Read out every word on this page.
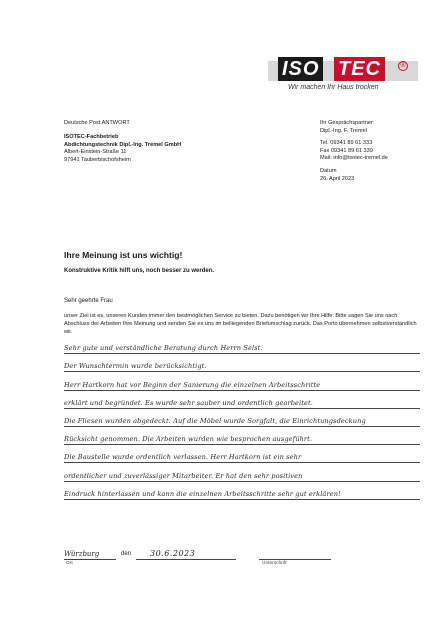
ISO TEC	®
Wir machen Ihr Haus trocken
Deutsche Post ANTWORT
ISOTEC-Fachbetrieb
Abdichtungstechnik Dipl.-Ing. Tremel GmbH
Albert-Einstein-Straße 11
97941 Tauberbischofsheim
Ihr Gesprächspartner:
Dipl.-Ing. F. Tremel
Tel. 09341 89 61 333
Fax 09341 89 61 339
Mail: info@isotec-tremel.de
Datum
26. April 2023
Ihre Meinung ist uns wichtig!
Konstruktive Kritik hilft uns, noch besser zu werden.
Sehr geehrte Frau
unser Ziel ist es, unseren Kunden immer den bestmöglichen Service zu bieten. Dazu benötigen wir Ihre Hilfe: Bitte sagen Sie uns nach Abschluss der Arbeiten Ihre Meinung und senden Sie es uns im beiliegenden Briefumschlag zurück. Das Porto übernehmen selbstverständlich wir.
Sehr gute und verständliche Beratung durch Herrn Selst.
Der Wunschtermin wurde berücksichtigt.
Herr Hartkorn hat vor Beginn der Sanierung die einzelnen Arbeitsschritte
erklärt und begründet. Es wurde sehr sauber und ordentlich gearbeitet.
Die Fliesen wurden abgedeckt. Auf die Möbel wurde Sorgfalt, die Einrichtungsdeckung
Rücksicht genommen. Die Arbeiten wurden wie besprochen ausgeführt.
Die Baustelle wurde ordentlich verlassen. Herr Hartkorn ist ein sehr
ordentlicher und zuverlässiger Mitarbeiter. Er hat den sehr positiven
Eindruck hinterlassen und kann die einzelnen Arbeitsschritte sehr gut erklären!
Würzburg	den 30.6.2023
Ort	Unterschrift
